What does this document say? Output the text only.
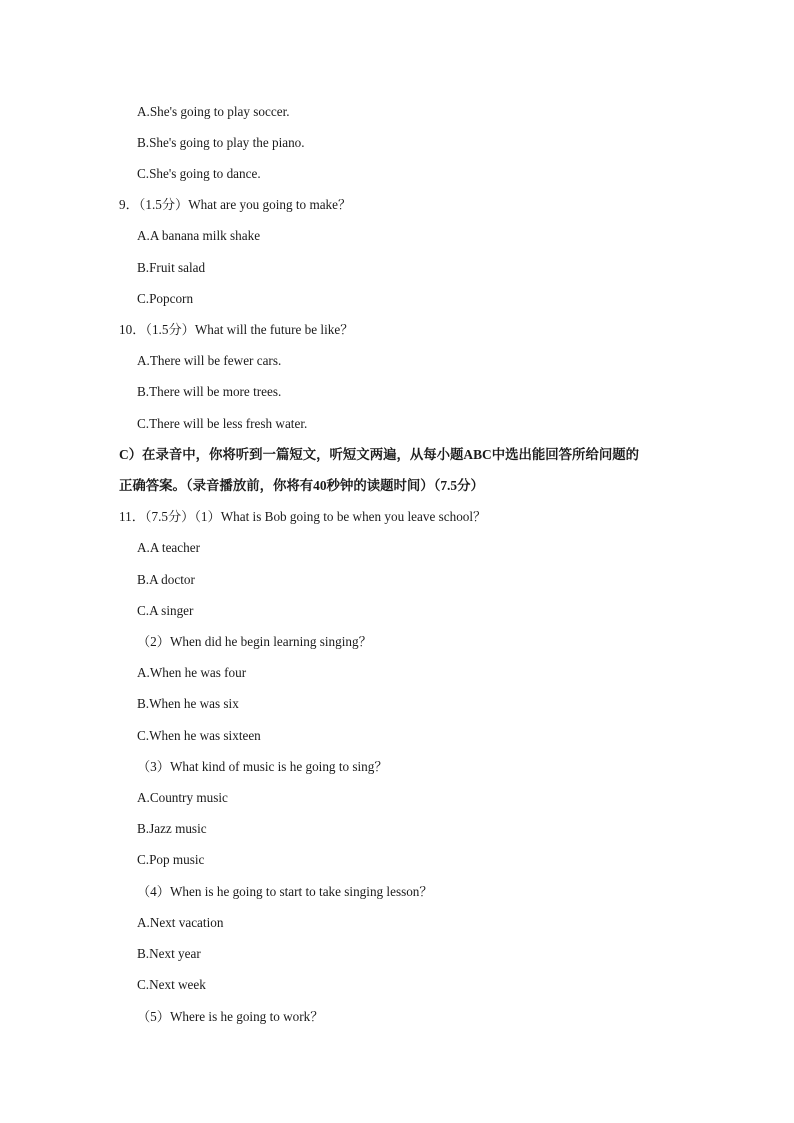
A.She's going to play soccer.
B.She's going to play the piano.
C.She's going to dance.
9．（1.5分）What are you going to make？
A.A banana milk shake
B.Fruit salad
C.Popcorn
10．（1.5分）What will the future be like？
A.There will be fewer cars.
B.There will be more trees.
C.There will be less fresh water.
C）在录音中，你将听到一篇短文，听短文两遍，从每小题ABC中选出能回答所给问题的
正确答案。（录音播放前，你将有40秒钟的读题时间）（7.5分）
11．（7.5分）（1）What is Bob going to be when you leave school？
A.A teacher
B.A doctor
C.A singer
（2）When did he begin learning singing？
A.When he was four
B.When he was six
C.When he was sixteen
（3）What kind of music is he going to sing？
A.Country music
B.Jazz music
C.Pop music
（4）When is he going to start to take singing lesson？
A.Next vacation
B.Next year
C.Next week
（5）Where is he going to work？
